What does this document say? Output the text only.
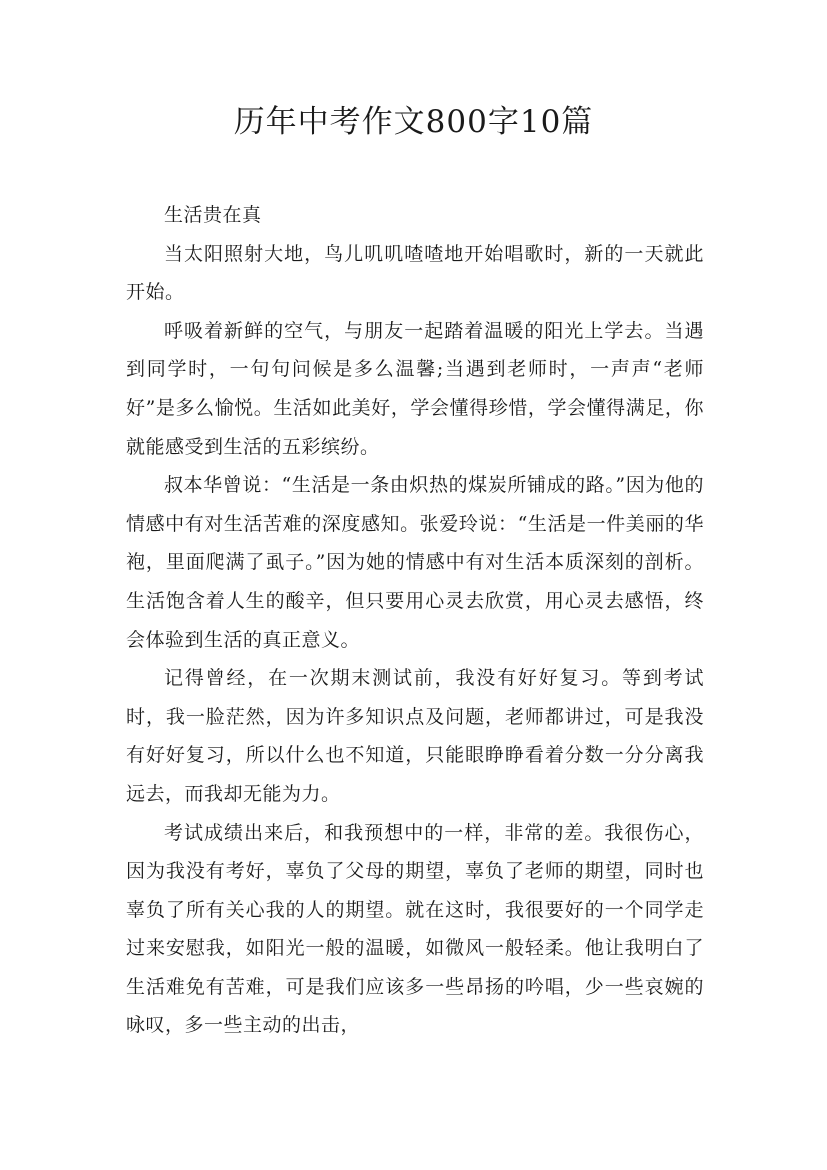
历年中考作文800字10篇

生活贵在真

当太阳照射大地，鸟儿叽叽喳喳地开始唱歌时，新的一天就此开始。

呼吸着新鲜的空气，与朋友一起踏着温暖的阳光上学去。当遇到同学时，一句句问候是多么温馨;当遇到老师时，一声声“老师好”是多么愉悦。生活如此美好，学会懂得珍惜，学会懂得满足，你就能感受到生活的五彩缤纷。

叔本华曾说：“生活是一条由炽热的煤炭所铺成的路。”因为他的情感中有对生活苦难的深度感知。张爱玲说：“生活是一件美丽的华袍，里面爬满了虱子。”因为她的情感中有对生活本质深刻的剖析。生活饱含着人生的酸辛，但只要用心灵去欣赏，用心灵去感悟，终会体验到生活的真正意义。

记得曾经，在一次期末测试前，我没有好好复习。等到考试时，我一脸茫然，因为许多知识点及问题，老师都讲过，可是我没有好好复习，所以什么也不知道，只能眼睁睁看着分数一分分离我远去，而我却无能为力。

考试成绩出来后，和我预想中的一样，非常的差。我很伤心，因为我没有考好，辜负了父母的期望，辜负了老师的期望，同时也辜负了所有关心我的人的期望。就在这时，我很要好的一个同学走过来安慰我，如阳光一般的温暖，如微风一般轻柔。他让我明白了生活难免有苦难，可是我们应该多一些昂扬的吟唱，少一些哀婉的咏叹，多一些主动的出击，
